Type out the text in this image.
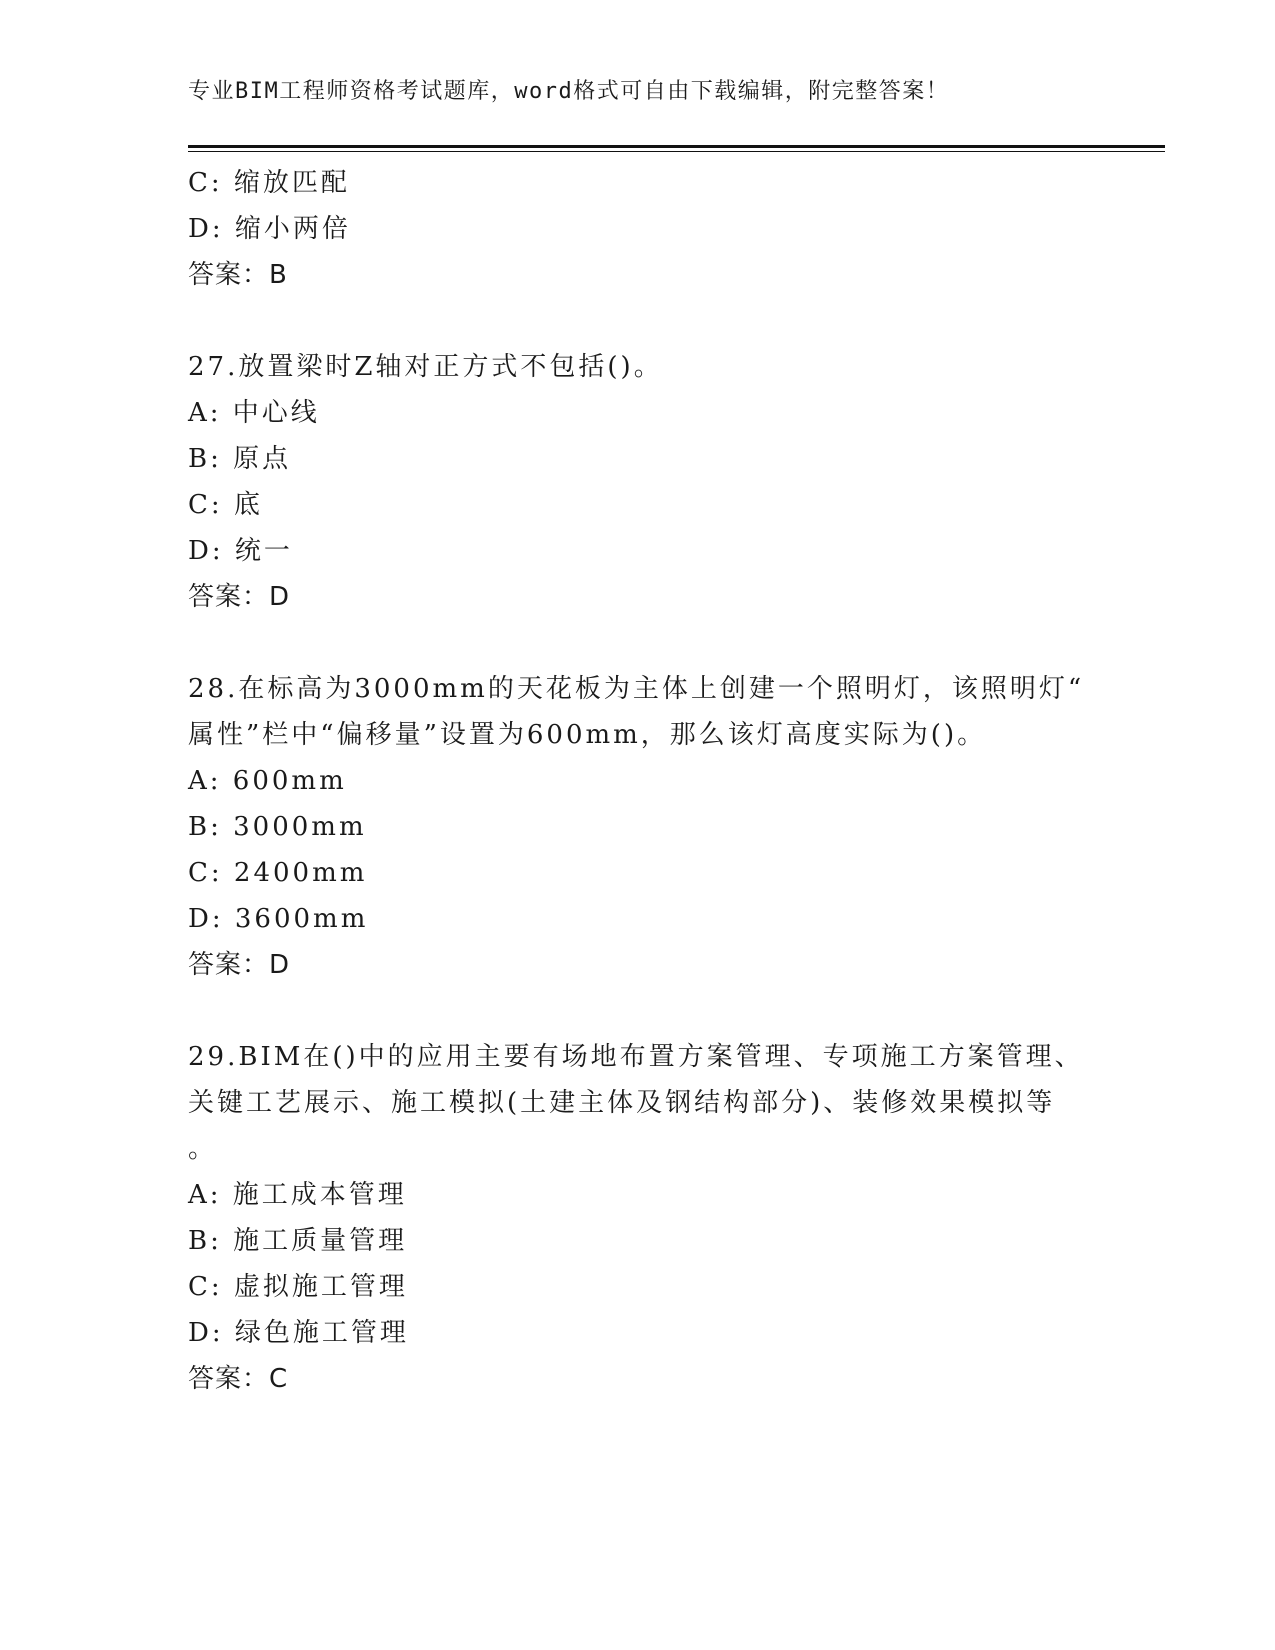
专业BIM工程师资格考试题库，word格式可自由下载编辑，附完整答案！
C: 缩放匹配
D: 缩小两倍
答案：B
27.放置梁时Z轴对正方式不包括()。
A: 中心线
B: 原点
C: 底
D: 统一
答案：D
28.在标高为3000mm的天花板为主体上创建一个照明灯，该照明灯“
属性”栏中“偏移量”设置为600mm，那么该灯高度实际为()。
A: 600mm
B: 3000mm
C: 2400mm
D: 3600mm
答案：D
29.BIM在()中的应用主要有场地布置方案管理、专项施工方案管理、
关键工艺展示、施工模拟(土建主体及钢结构部分)、装修效果模拟等
。
A: 施工成本管理
B: 施工质量管理
C: 虚拟施工管理
D: 绿色施工管理
答案：C
